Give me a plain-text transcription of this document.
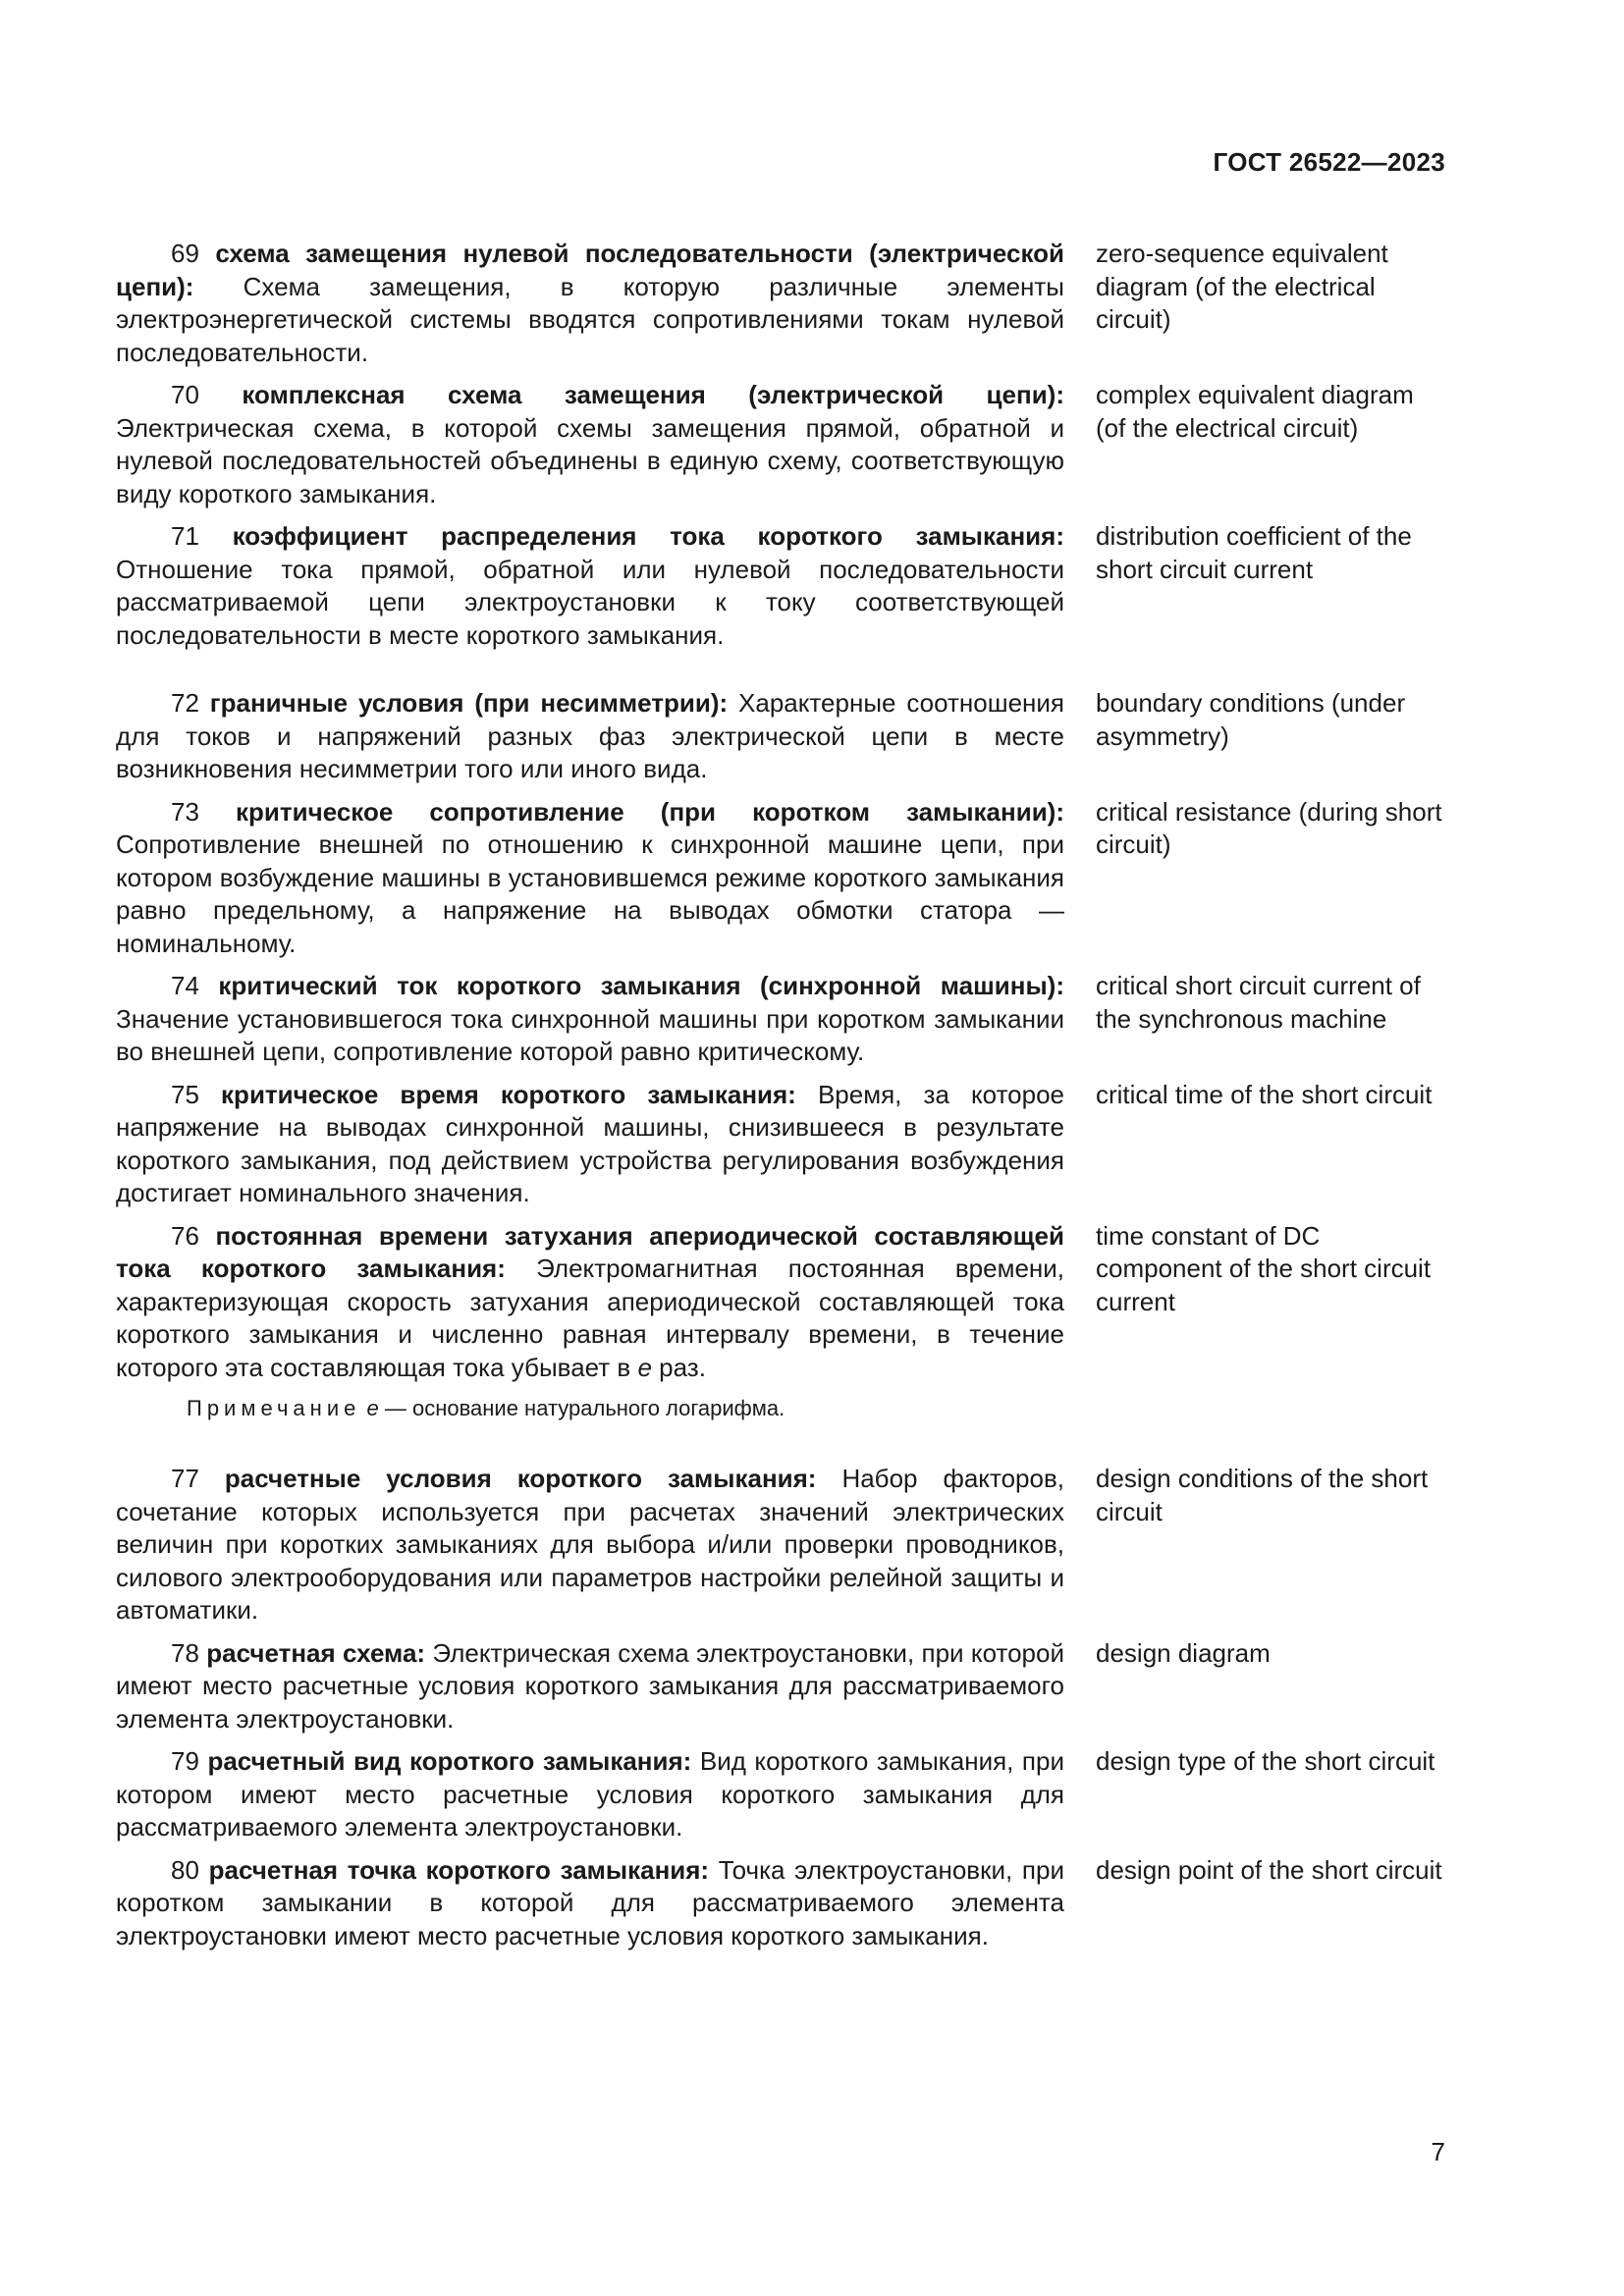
ГОСТ 26522—2023
69 схема замещения нулевой последовательности (электрической цепи): Схема замещения, в которую различные элементы электроэнергетической системы вводятся сопротивлениями токам нулевой последовательности.
zero-sequence equivalent diagram (of the electrical circuit)
70 комплексная схема замещения (электрической цепи): Электрическая схема, в которой схемы замещения прямой, обратной и нулевой последовательностей объединены в единую схему, соответствующую виду короткого замыкания.
complex equivalent diagram (of the electrical circuit)
71 коэффициент распределения тока короткого замыкания: Отношение тока прямой, обратной или нулевой последовательности рассматриваемой цепи электроустановки к току соответствующей последовательности в месте короткого замыкания.
distribution coefficient of the short circuit current
72 граничные условия (при несимметрии): Характерные соотношения для токов и напряжений разных фаз электрической цепи в месте возникновения несимметрии того или иного вида.
boundary conditions (under asymmetry)
73 критическое сопротивление (при коротком замыкании): Сопротивление внешней по отношению к синхронной машине цепи, при котором возбуждение машины в установившемся режиме короткого замыкания равно предельному, а напряжение на выводах обмотки статора — номинальному.
critical resistance (during short circuit)
74 критический ток короткого замыкания (синхронной машины): Значение установившегося тока синхронной машины при коротком замыкании во внешней цепи, сопротивление которой равно критическому.
critical short circuit current of the synchronous machine
75 критическое время короткого замыкания: Время, за которое напряжение на выводах синхронной машины, снизившееся в результате короткого замыкания, под действием устройства регулирования возбуждения достигает номинального значения.
critical time of the short circuit
76 постоянная времени затухания апериодической составляющей тока короткого замыкания: Электромагнитная постоянная времени, характеризующая скорость затухания апериодической составляющей тока короткого замыкания и численно равная интервалу времени, в течение которого эта составляющая тока убывает в е раз.
time constant of DC component of the short circuit current
Примечание е — основание натурального логарифма.
77 расчетные условия короткого замыкания: Набор факторов, сочетание которых используется при расчетах значений электрических величин при коротких замыканиях для выбора и/или проверки проводников, силового электрооборудования или параметров настройки релейной защиты и автоматики.
design conditions of the short circuit
78 расчетная схема: Электрическая схема электроустановки, при которой имеют место расчетные условия короткого замыкания для рассматриваемого элемента электроустановки.
design diagram
79 расчетный вид короткого замыкания: Вид короткого замыкания, при котором имеют место расчетные условия короткого замыкания для рассматриваемого элемента электроустановки.
design type of the short circuit
80 расчетная точка короткого замыкания: Точка электроустановки, при коротком замыкании в которой для рассматриваемого элемента электроустановки имеют место расчетные условия короткого замыкания.
design point of the short circuit
7
